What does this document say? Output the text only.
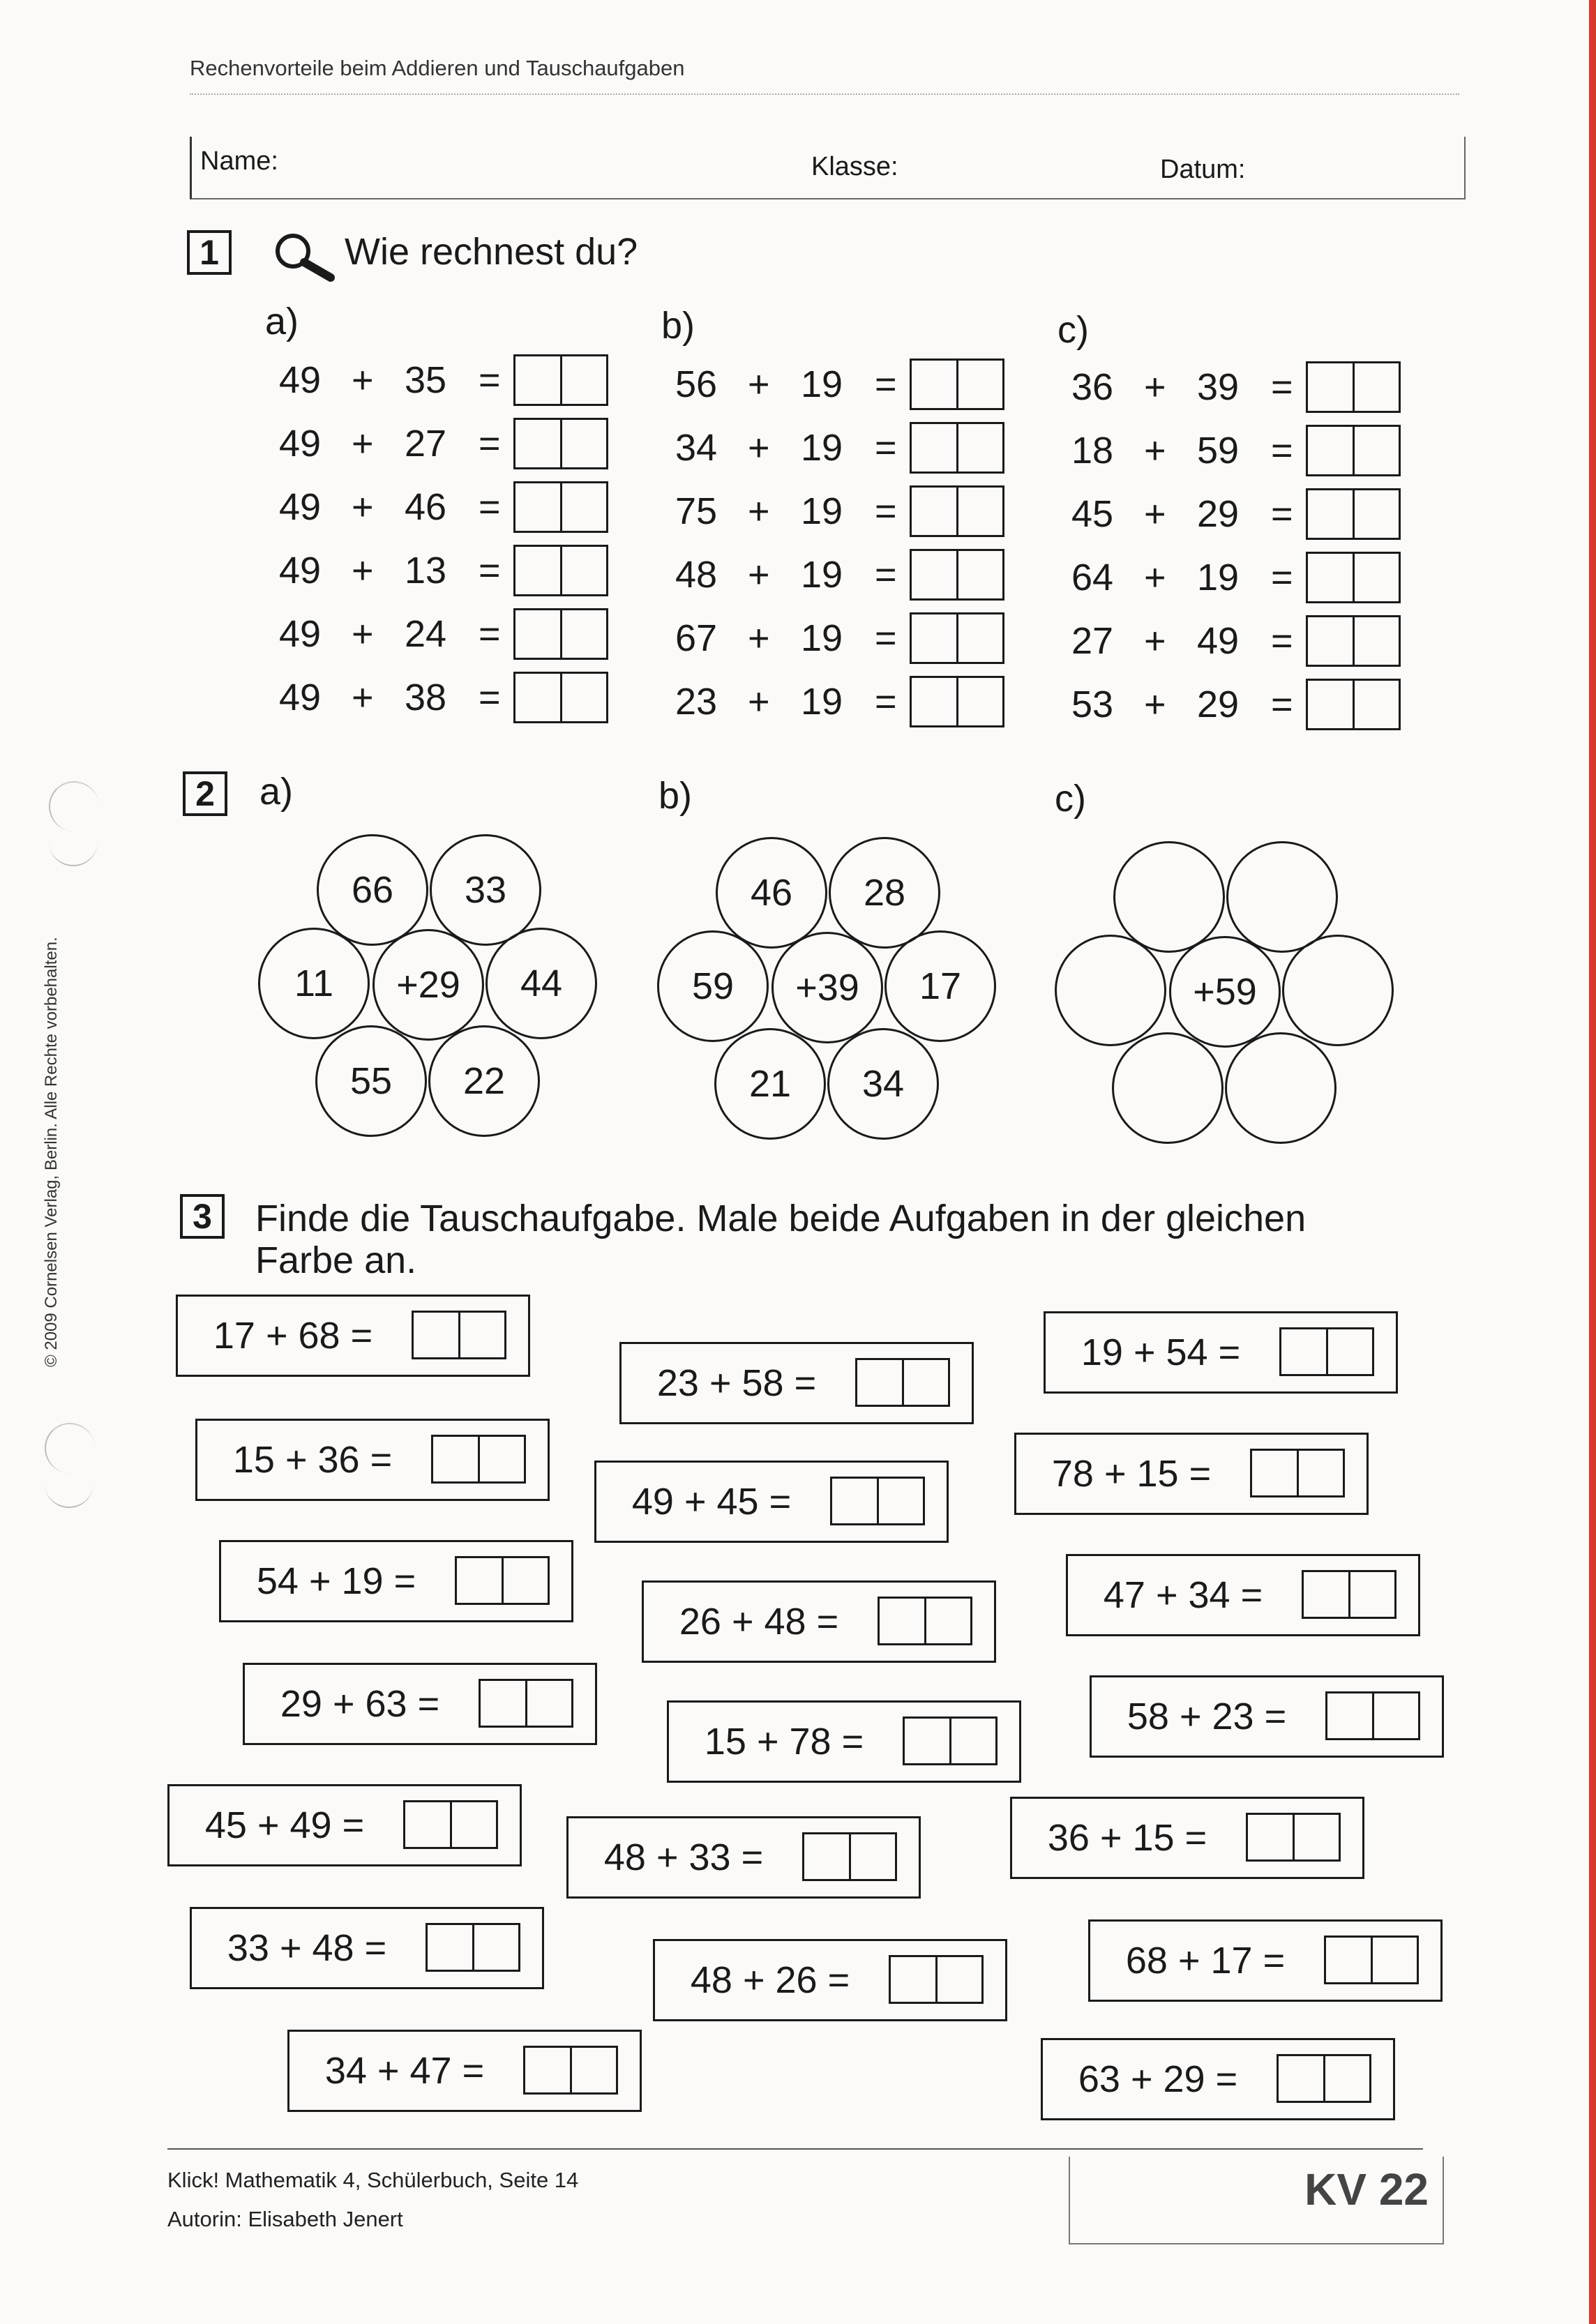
© 2009 Cornelsen Verlag, Berlin. Alle Rechte vorbehalten.
Rechenvorteile beim Addieren und Tauschaufgaben
Name:	Klasse:	Datum:
1	Wie rechnest du?
a)
49 + 35 =
49 + 27 =
49 + 46 =
49 + 13 =
49 + 24 =
49 + 38 =
b)
56 + 19 =
34 + 19 =
75 + 19 =
48 + 19 =
67 + 19 =
23 + 19 =
c)
36 + 39 =
18 + 59 =
45 + 29 =
64 + 19 =
27 + 49 =
53 + 29 =
2	a)
66	33
11	44
55	22
+29
b)
46	28
59	17
21	34
+39
c)
+59
3	Finde die Tauschaufgabe. Male beide Aufgaben in der gleichen
Farbe an.
17 + 68 =
23 + 58 =
19 + 54 =
15 + 36 =
49 + 45 =
78 + 15 =
54 + 19 =
26 + 48 =
47 + 34 =
29 + 63 =
15 + 78 =
58 + 23 =
45 + 49 =
48 + 33 =	36 + 15 =
33 + 48 =
48 + 26 =	68 + 17 =
34 + 47 =	63 + 29 =
Klick! Mathematik 4, Schülerbuch, Seite 14
Autorin: Elisabeth Jenert
KV 22
